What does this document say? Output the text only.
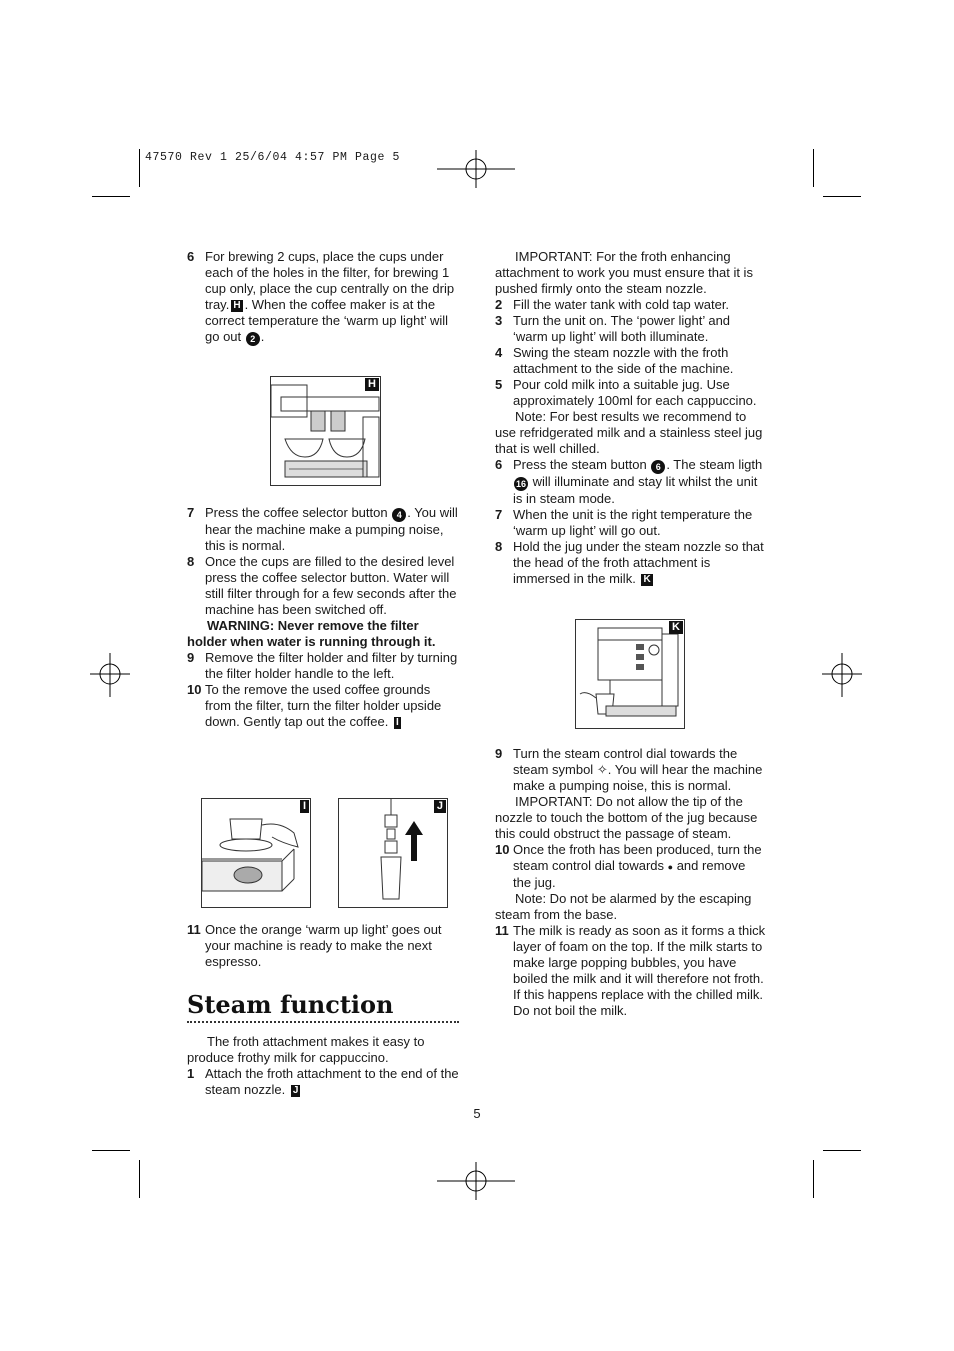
47570 Rev 1 25/6/04 4:57 PM Page 5
6 For brewing 2 cups, place the cups under each of the holes in the filter, for brewing 1 cup only, place the cup centrally on the drip tray. H . When the coffee maker is at the correct temperature the ‘warm up light’ will go out 2 .
H
7 Press the coffee selector button 4 . You will hear the machine make a pumping noise, this is normal.
8 Once the cups are filled to the desired level press the coffee selector button. Water will still filter through for a few seconds after the machine has been switched off.
WARNING: Never remove the filter holder when water is running through it.
9 Remove the filter holder and filter by turning the filter holder handle to the left.
10 To the remove the used coffee grounds from the filter, turn the filter holder upside down. Gently tap out the coffee. I
I	J
11 Once the orange ‘warm up light’ goes out your machine is ready to make the next espresso.
Steam function
The froth attachment makes it easy to produce frothy milk for cappuccino.
1 Attach the froth attachment to the end of the steam nozzle. J
IMPORTANT: For the froth enhancing attachment to work you must ensure that it is pushed firmly onto the steam nozzle.
2 Fill the water tank with cold tap water.
3 Turn the unit on. The ‘power light’ and ‘warm up light’ will both illuminate.
4 Swing the steam nozzle with the froth attachment to the side of the machine.
5 Pour cold milk into a suitable jug. Use approximately 100ml for each cappuccino.
Note: For best results we recommend to use refridgerated milk and a stainless steel jug that is well chilled.
6 Press the steam button 6 . The steam ligth 16 will illuminate and stay lit whilst the unit is in steam mode.
7 When the unit is the right temperature the ‘warm up light’ will go out.
8 Hold the jug under the steam nozzle so that the head of the froth attachment is immersed in the milk. K
K
9 Turn the steam control dial towards the steam symbol ✧. You will hear the machine make a pumping noise, this is normal.
IMPORTANT: Do not allow the tip of the nozzle to touch the bottom of the jug because this could obstruct the passage of steam.
10 Once the froth has been produced, turn the steam control dial towards ● and remove the jug.
Note: Do not be alarmed by the escaping steam from the base.
11 The milk is ready as soon as it forms a thick layer of foam on the top. If the milk starts to make large popping bubbles, you have boiled the milk and it will therefore not froth. If this happens replace with the chilled milk. Do not boil the milk.
5
